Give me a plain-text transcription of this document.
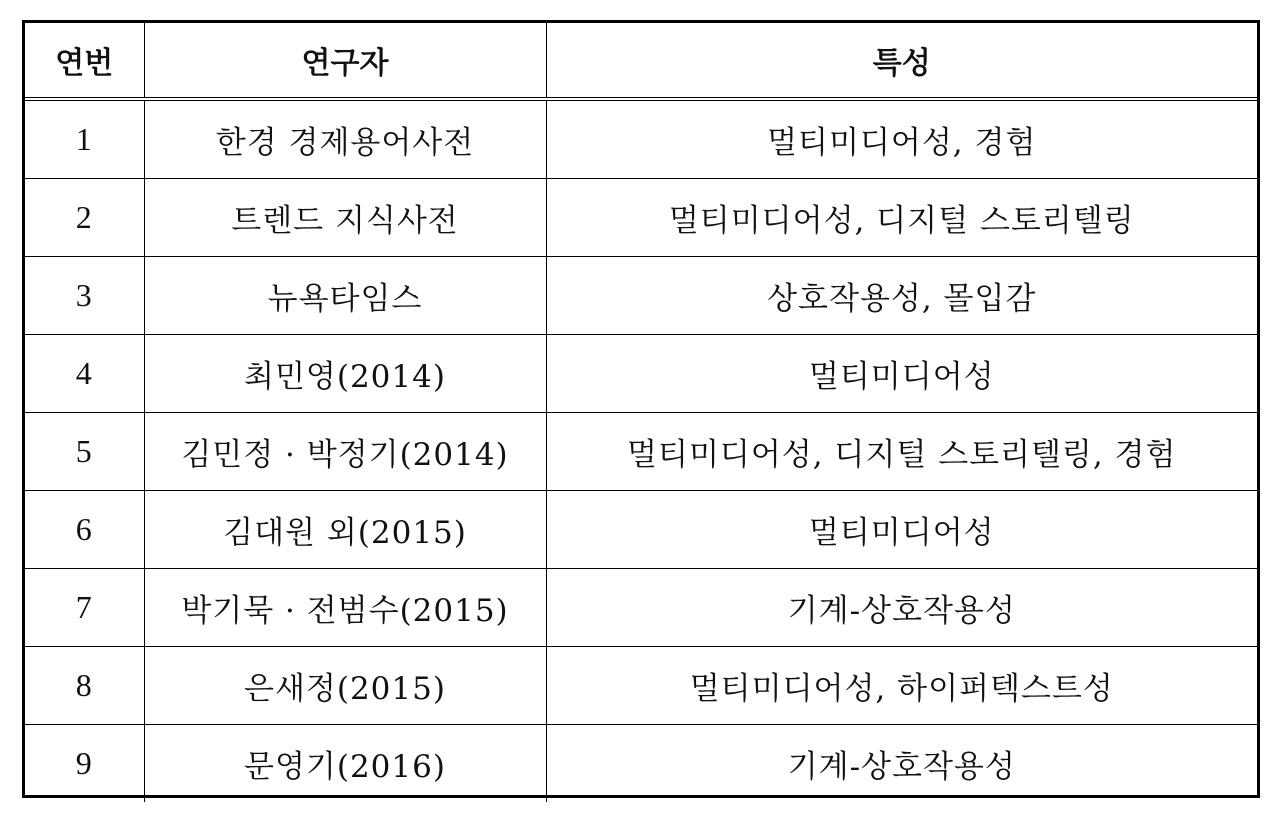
연번	연구자	특성
1	한경 경제용어사전	멀티미디어성, 경험
2	트렌드 지식사전	멀티미디어성, 디지털 스토리텔링
3	뉴욕타임스	상호작용성, 몰입감
4	최민영(2014)	멀티미디어성
5	김민정 · 박정기(2014)	멀티미디어성, 디지털 스토리텔링, 경험
6	김대원 외(2015)	멀티미디어성
7	박기묵 · 전범수(2015)	기계-상호작용성
8	은새정(2015)	멀티미디어성, 하이퍼텍스트성
9	문영기(2016)	기계-상호작용성
